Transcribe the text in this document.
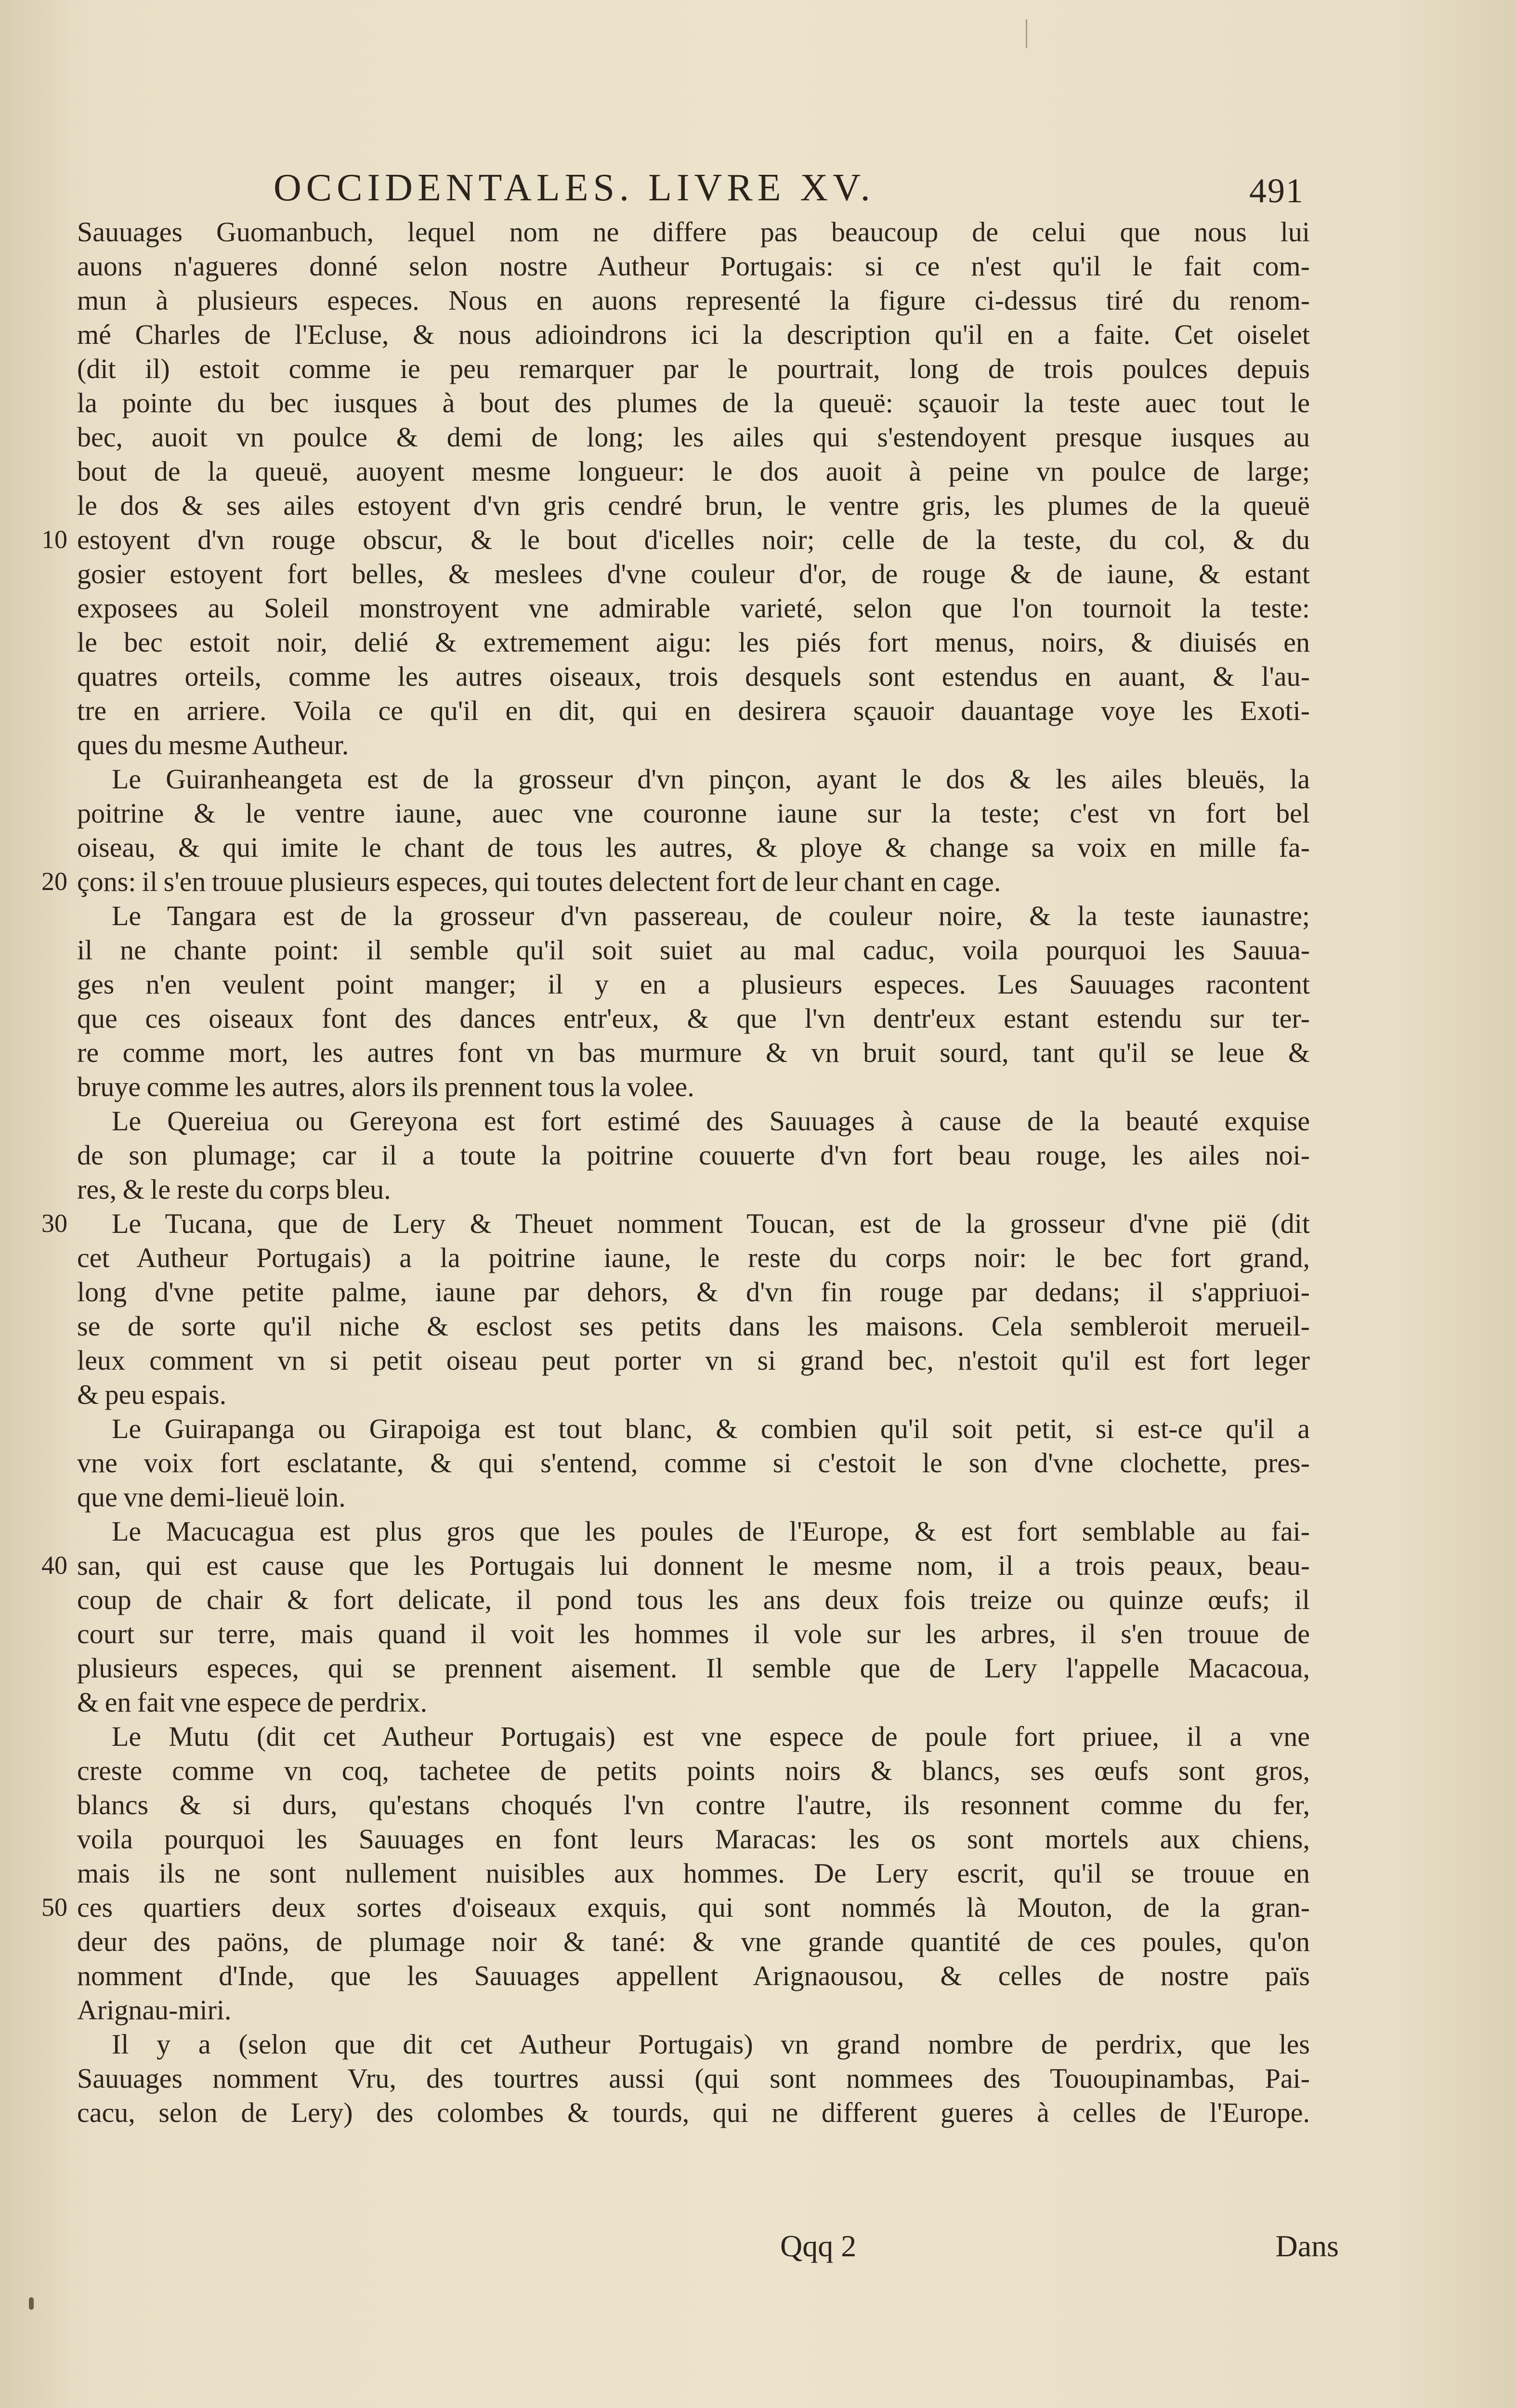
OCCIDENTALES. LIVRE XV.	491
Sauuages Guomanbuch, lequel nom ne differe pas beaucoup de celui que nous lui
auons n'agueres donné selon nostre Autheur Portugais: si ce n'est qu'il le fait com-
mun à plusieurs especes. Nous en auons representé la figure ci-dessus tiré du renom-
mé Charles de l'Ecluse, & nous adioindrons ici la description qu'il en a faite. Cet oiselet
(dit il) estoit comme ie peu remarquer par le pourtrait, long de trois poulces depuis
la pointe du bec iusques à bout des plumes de la queuë: sçauoir la teste auec tout le
bec, auoit vn poulce & demi de long; les ailes qui s'estendoyent presque iusques au
bout de la queuë, auoyent mesme longueur: le dos auoit à peine vn poulce de large;
le dos & ses ailes estoyent d'vn gris cendré brun, le ventre gris, les plumes de la queuë
10 estoyent d'vn rouge obscur, & le bout d'icelles noir; celle de la teste, du col, & du
gosier estoyent fort belles, & meslees d'vne couleur d'or, de rouge & de iaune, & estant
exposees au Soleil monstroyent vne admirable varieté, selon que l'on tournoit la teste:
le bec estoit noir, delié & extremement aigu: les piés fort menus, noirs, & diuisés en
quatres orteils, comme les autres oiseaux, trois desquels sont estendus en auant, & l'au-
tre en arriere. Voila ce qu'il en dit, qui en desirera sçauoir dauantage voye les Exoti-
ques du mesme Autheur.
Le Guiranheangeta est de la grosseur d'vn pinçon, ayant le dos & les ailes bleuës, la
poitrine & le ventre iaune, auec vne couronne iaune sur la teste; c'est vn fort bel
oiseau, & qui imite le chant de tous les autres, & ploye & change sa voix en mille fa-
20 çons: il s'en trouue plusieurs especes, qui toutes delectent fort de leur chant en cage.
Le Tangara est de la grosseur d'vn passereau, de couleur noire, & la teste iaunastre;
il ne chante point: il semble qu'il soit suiet au mal caduc, voila pourquoi les Sauua-
ges n'en veulent point manger; il y en a plusieurs especes. Les Sauuages racontent
que ces oiseaux font des dances entr'eux, & que l'vn dentr'eux estant estendu sur ter-
re comme mort, les autres font vn bas murmure & vn bruit sourd, tant qu'il se leue &
bruye comme les autres, alors ils prennent tous la volee.
Le Quereiua ou Gereyona est fort estimé des Sauuages à cause de la beauté exquise
de son plumage; car il a toute la poitrine couuerte d'vn fort beau rouge, les ailes noi-
res, & le reste du corps bleu.
30 Le Tucana, que de Lery & Theuet nomment Toucan, est de la grosseur d'vne pië (dit
cet Autheur Portugais) a la poitrine iaune, le reste du corps noir: le bec fort grand,
long d'vne petite palme, iaune par dehors, & d'vn fin rouge par dedans; il s'appriuoi-
se de sorte qu'il niche & esclost ses petits dans les maisons. Cela sembleroit merueil-
leux comment vn si petit oiseau peut porter vn si grand bec, n'estoit qu'il est fort leger
& peu espais.
Le Guirapanga ou Girapoiga est tout blanc, & combien qu'il soit petit, si est-ce qu'il a
vne voix fort esclatante, & qui s'entend, comme si c'estoit le son d'vne clochette, pres-
que vne demi-lieuë loin.
Le Macucagua est plus gros que les poules de l'Europe, & est fort semblable au fai-
40 san, qui est cause que les Portugais lui donnent le mesme nom, il a trois peaux, beau-
coup de chair & fort delicate, il pond tous les ans deux fois treize ou quinze œufs; il
court sur terre, mais quand il voit les hommes il vole sur les arbres, il s'en trouue de
plusieurs especes, qui se prennent aisement. Il semble que de Lery l'appelle Macacoua,
& en fait vne espece de perdrix.
Le Mutu (dit cet Autheur Portugais) est vne espece de poule fort priuee, il a vne
creste comme vn coq, tachetee de petits points noirs & blancs, ses œufs sont gros,
blancs & si durs, qu'estans choqués l'vn contre l'autre, ils resonnent comme du fer,
voila pourquoi les Sauuages en font leurs Maracas: les os sont mortels aux chiens,
mais ils ne sont nullement nuisibles aux hommes. De Lery escrit, qu'il se trouue en
50 ces quartiers deux sortes d'oiseaux exquis, qui sont nommés là Mouton, de la gran-
deur des paöns, de plumage noir & tané: & vne grande quantité de ces poules, qu'on
nomment d'Inde, que les Sauuages appellent Arignaousou, & celles de nostre païs
Arignau-miri.
Il y a (selon que dit cet Autheur Portugais) vn grand nombre de perdrix, que les
Sauuages nomment Vru, des tourtres aussi (qui sont nommees des Tououpinambas, Pai-
cacu, selon de Lery) des colombes & tourds, qui ne different gueres à celles de l'Europe.
Qqq 2	Dans
